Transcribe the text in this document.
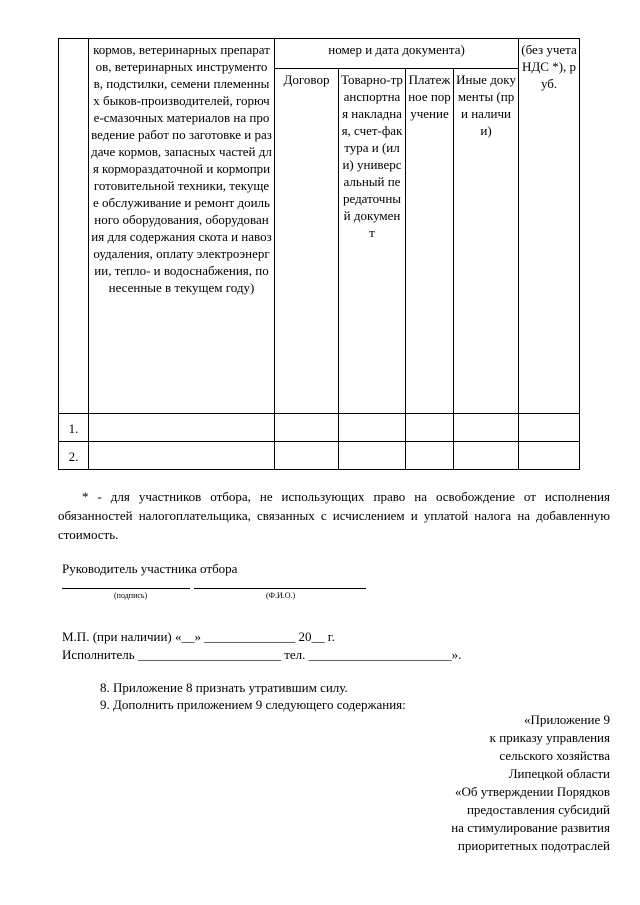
	кормов, ветеринарных препаратов, ветеринарных инструментов, подстилки, семени племенных быков-производителей, горюче-смазочных материалов на проведение работ по заготовке и раздаче кормов, запасных частей для кормораздаточной и кормоприготовительной техники, текущее обслуживание и ремонт доильного оборудования, оборудования для содержания скота и навозоудаления, оплату электроэнергии, тепло- и водоснабжения, понесенные в текущем году)	номер и дата документа)				(без учета НДС *), руб.
		Договор	Товарно-транспортная накладная, счет-фактура и (или) универсальный передаточный документ	Платежное поручение	Иные документы (при наличии)	
1.						
2.						
* - для участников отбора, не использующих право на освобождение от исполнения обязанностей налогоплательщика, связанных с исчислением и уплатой налога на добавленную стоимость.
Руководитель участника отбора
(подпись)	(Ф.И.О.)
М.П. (при наличии) «__» ______________ 20__ г.
Исполнитель ______________________ тел. ______________________».
8. Приложение 8 признать утратившим силу.
9. Дополнить приложением 9 следующего содержания:
«Приложение 9
к приказу управления
сельского хозяйства
Липецкой области
«Об утверждении Порядков
предоставления субсидий
на стимулирование развития
приоритетных подотраслей
